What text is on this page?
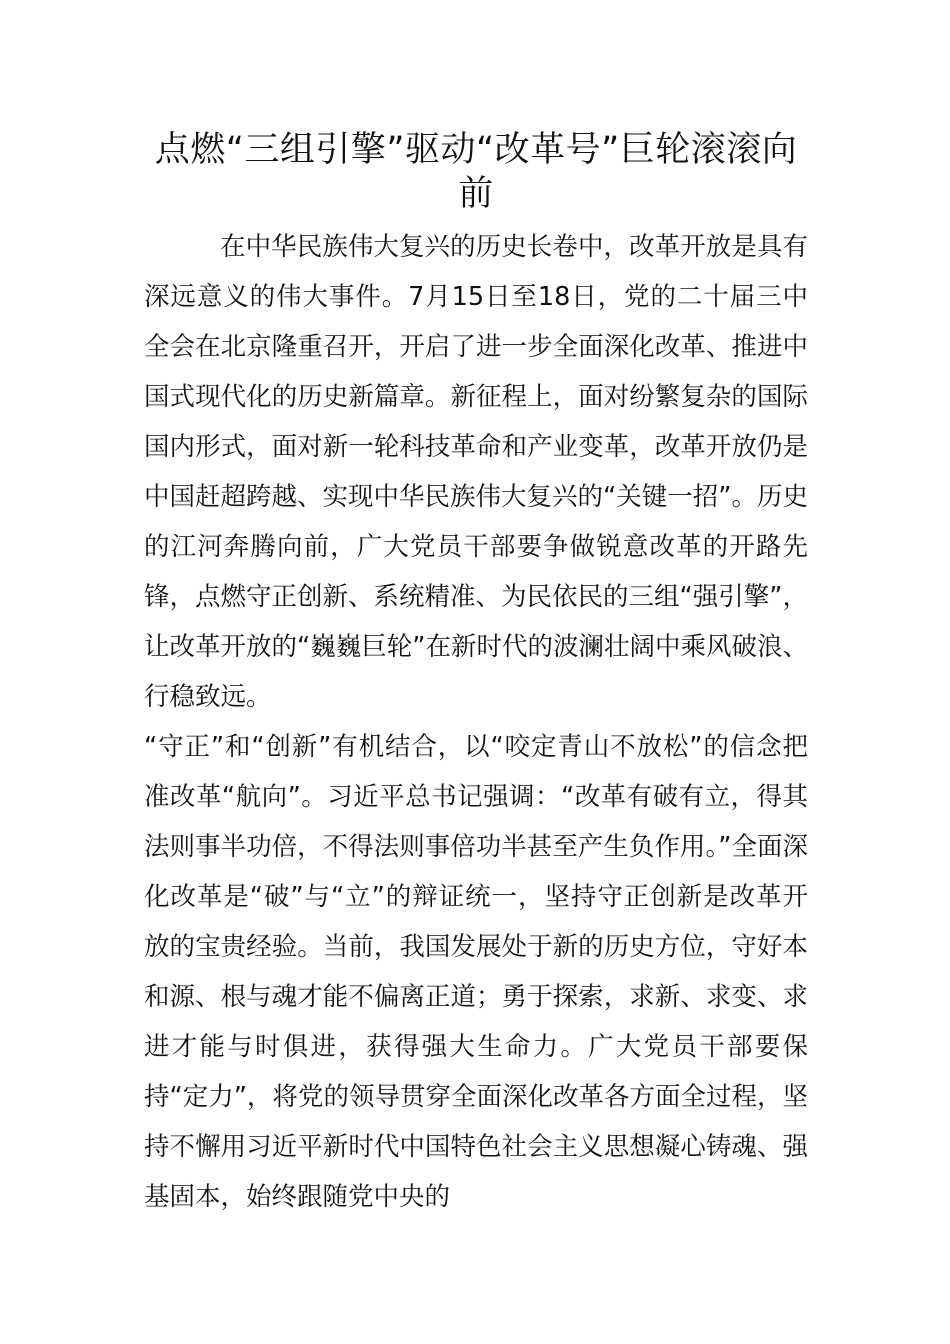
点燃“三组引擎”驱动“改革号”巨轮滚滚向前

在中华民族伟大复兴的历史长卷中，改革开放是具有深远意义的伟大事件。7月15日至18日，党的二十届三中全会在北京隆重召开，开启了进一步全面深化改革、推进中国式现代化的历史新篇章。新征程上，面对纷繁复杂的国际国内形式，面对新一轮科技革命和产业变革，改革开放仍是中国赶超跨越、实现中华民族伟大复兴的“关键一招”。历史的江河奔腾向前，广大党员干部要争做锐意改革的开路先锋，点燃守正创新、系统精准、为民依民的三组“强引擎”，让改革开放的“巍巍巨轮”在新时代的波澜壮阔中乘风破浪、行稳致远。

“守正”和“创新”有机结合，以“咬定青山不放松”的信念把准改革“航向”。习近平总书记强调：“改革有破有立，得其法则事半功倍，不得法则事倍功半甚至产生负作用。”全面深化改革是“破”与“立”的辩证统一，坚持守正创新是改革开放的宝贵经验。当前，我国发展处于新的历史方位，守好本和源、根与魂才能不偏离正道；勇于探索，求新、求变、求进才能与时俱进，获得强大生命力。广大党员干部要保持“定力”，将党的领导贯穿全面深化改革各方面全过程，坚持不懈用习近平新时代中国特色社会主义思想凝心铸魂、强基固本，始终跟随党中央的
